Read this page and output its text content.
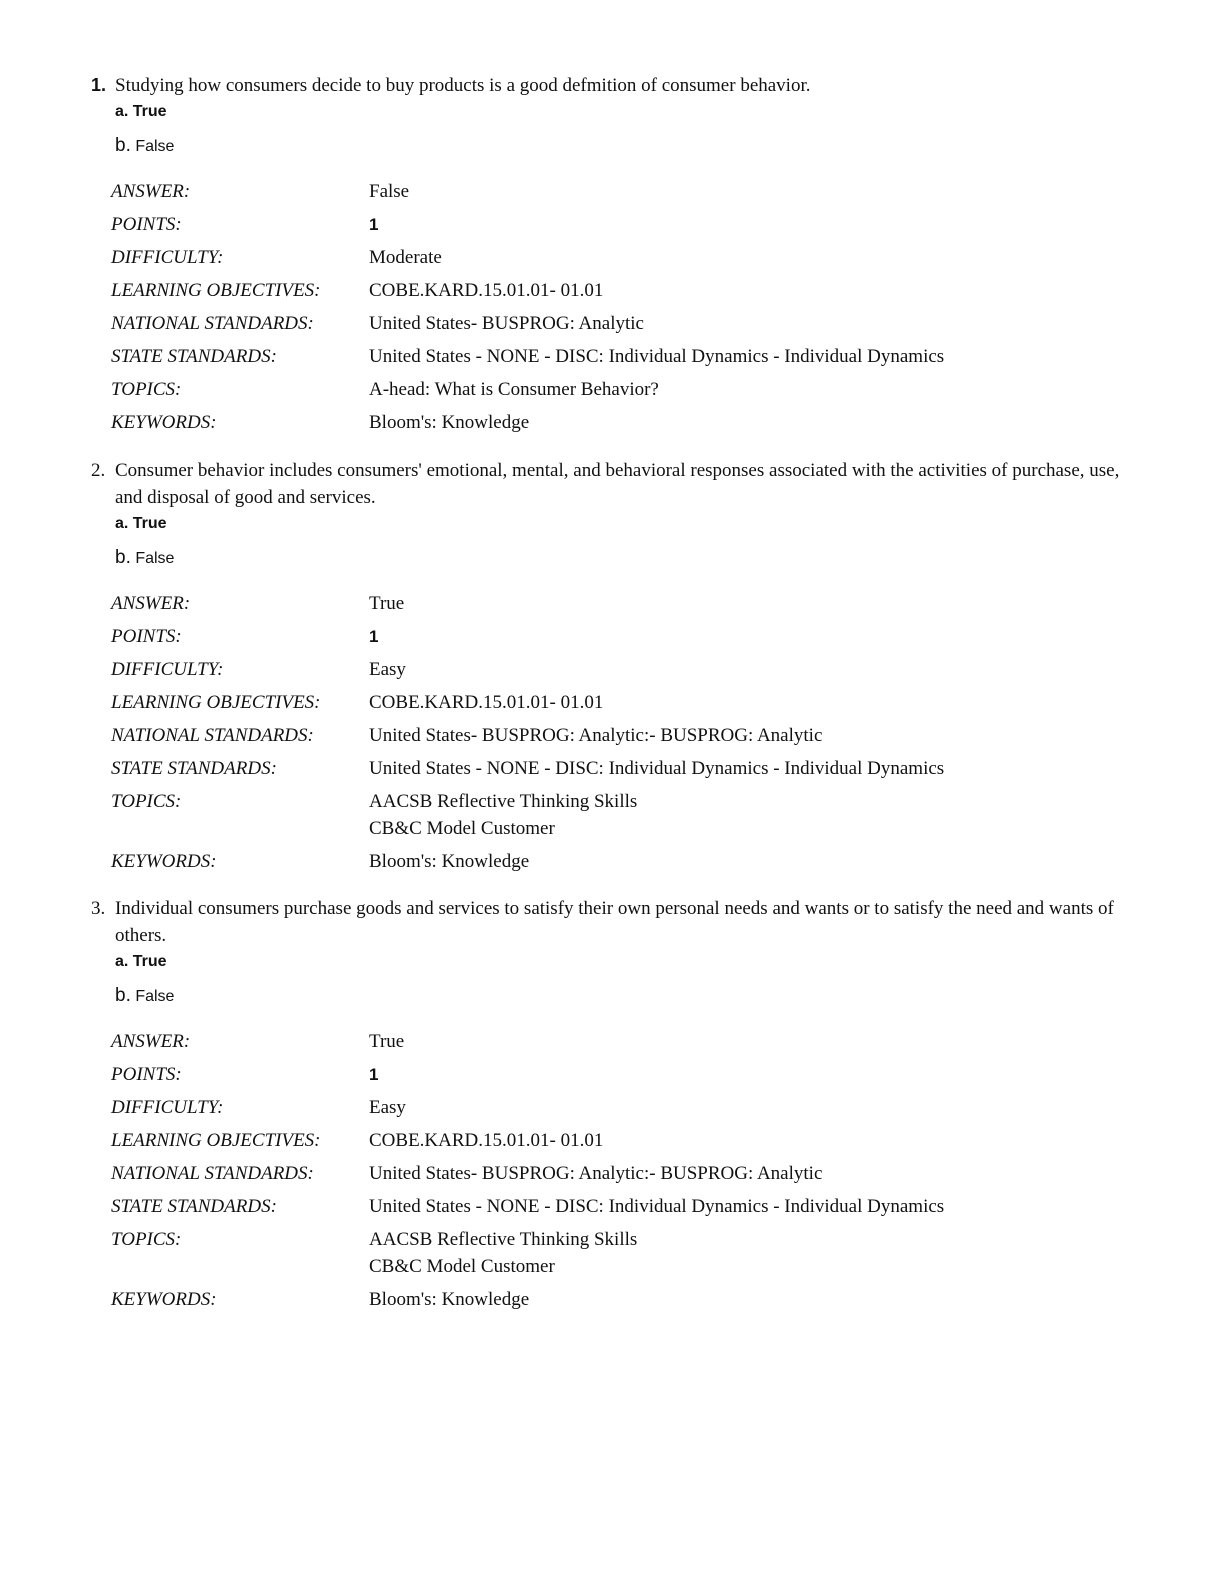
1. Studying how consumers decide to buy products is a good defmition of consumer behavior.
a. True
b. False
ANSWER:	False
POINTS:	1
DIFFICULTY:	Moderate
LEARNING OBJECTIVES:	COBE.KARD.15.01.01- 01.01
NATIONAL STANDARDS:	United States- BUSPROG: Analytic
STATE STANDARDS:	United States - NONE - DISC: Individual Dynamics - Individual Dynamics
TOPICS:	A-head: What is Consumer Behavior?
KEYWORDS:	Bloom's: Knowledge
2. Consumer behavior includes consumers' emotional, mental, and behavioral responses associated with the activities of purchase, use, and disposal of good and services.
a. True
b. False
ANSWER:	True
POINTS:	1
DIFFICULTY:	Easy
LEARNING OBJECTIVES:	COBE.KARD.15.01.01- 01.01
NATIONAL STANDARDS:	United States- BUSPROG: Analytic:- BUSPROG: Analytic
STATE STANDARDS:	United States - NONE - DISC: Individual Dynamics - Individual Dynamics
TOPICS:	AACSB Reflective Thinking Skills
CB&C Model Customer
KEYWORDS:	Bloom's: Knowledge
3. Individual consumers purchase goods and services to satisfy their own personal needs and wants or to satisfy the need and wants of others.
a. True
b. False
ANSWER:	True
POINTS:	1
DIFFICULTY:	Easy
LEARNING OBJECTIVES:	COBE.KARD.15.01.01- 01.01
NATIONAL STANDARDS:	United States- BUSPROG: Analytic:- BUSPROG: Analytic
STATE STANDARDS:	United States - NONE - DISC: Individual Dynamics - Individual Dynamics
TOPICS:	AACSB Reflective Thinking Skills
CB&C Model Customer
KEYWORDS:	Bloom's: Knowledge
